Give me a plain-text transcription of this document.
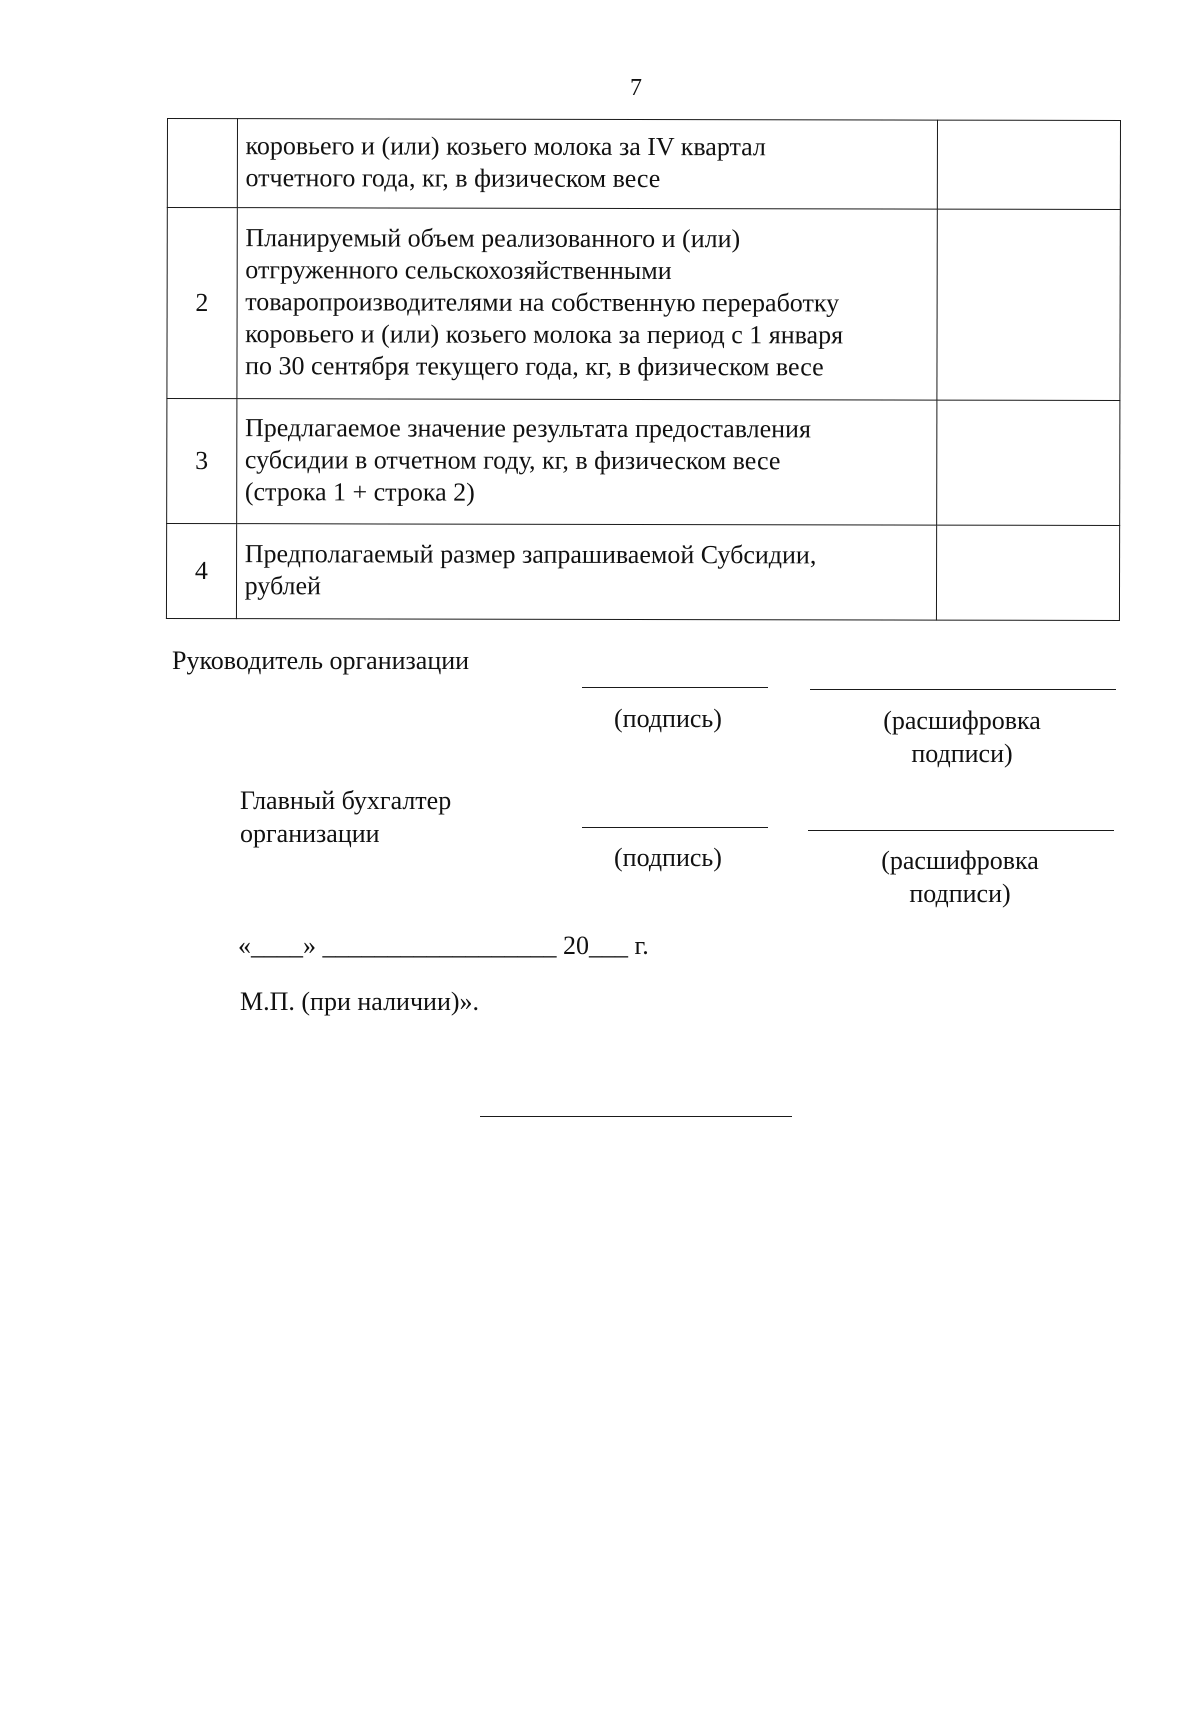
7

	коровьего и (или) козьего молока за IV квартал
отчетного года, кг, в физическом весе	

2	Планируемый объем реализованного и (или)
отгруженного сельскохозяйственными
товаропроизводителями на собственную переработку
коровьего и (или) козьего молока за период с 1 января
по 30 сентября текущего года, кг, в физическом весе	

3	Предлагаемое значение результата предоставления
субсидии в отчетном году, кг, в физическом весе
(строка 1 + строка 2)	

4	Предполагаемый размер запрашиваемой Субсидии,
рублей	

Руководитель организации
(подпись)	(расшифровка
подписи)
Главный бухгалтер
организации
(подпись)	(расшифровка
подписи)
«____» __________________ 20___ г.
М.П. (при наличии)».
